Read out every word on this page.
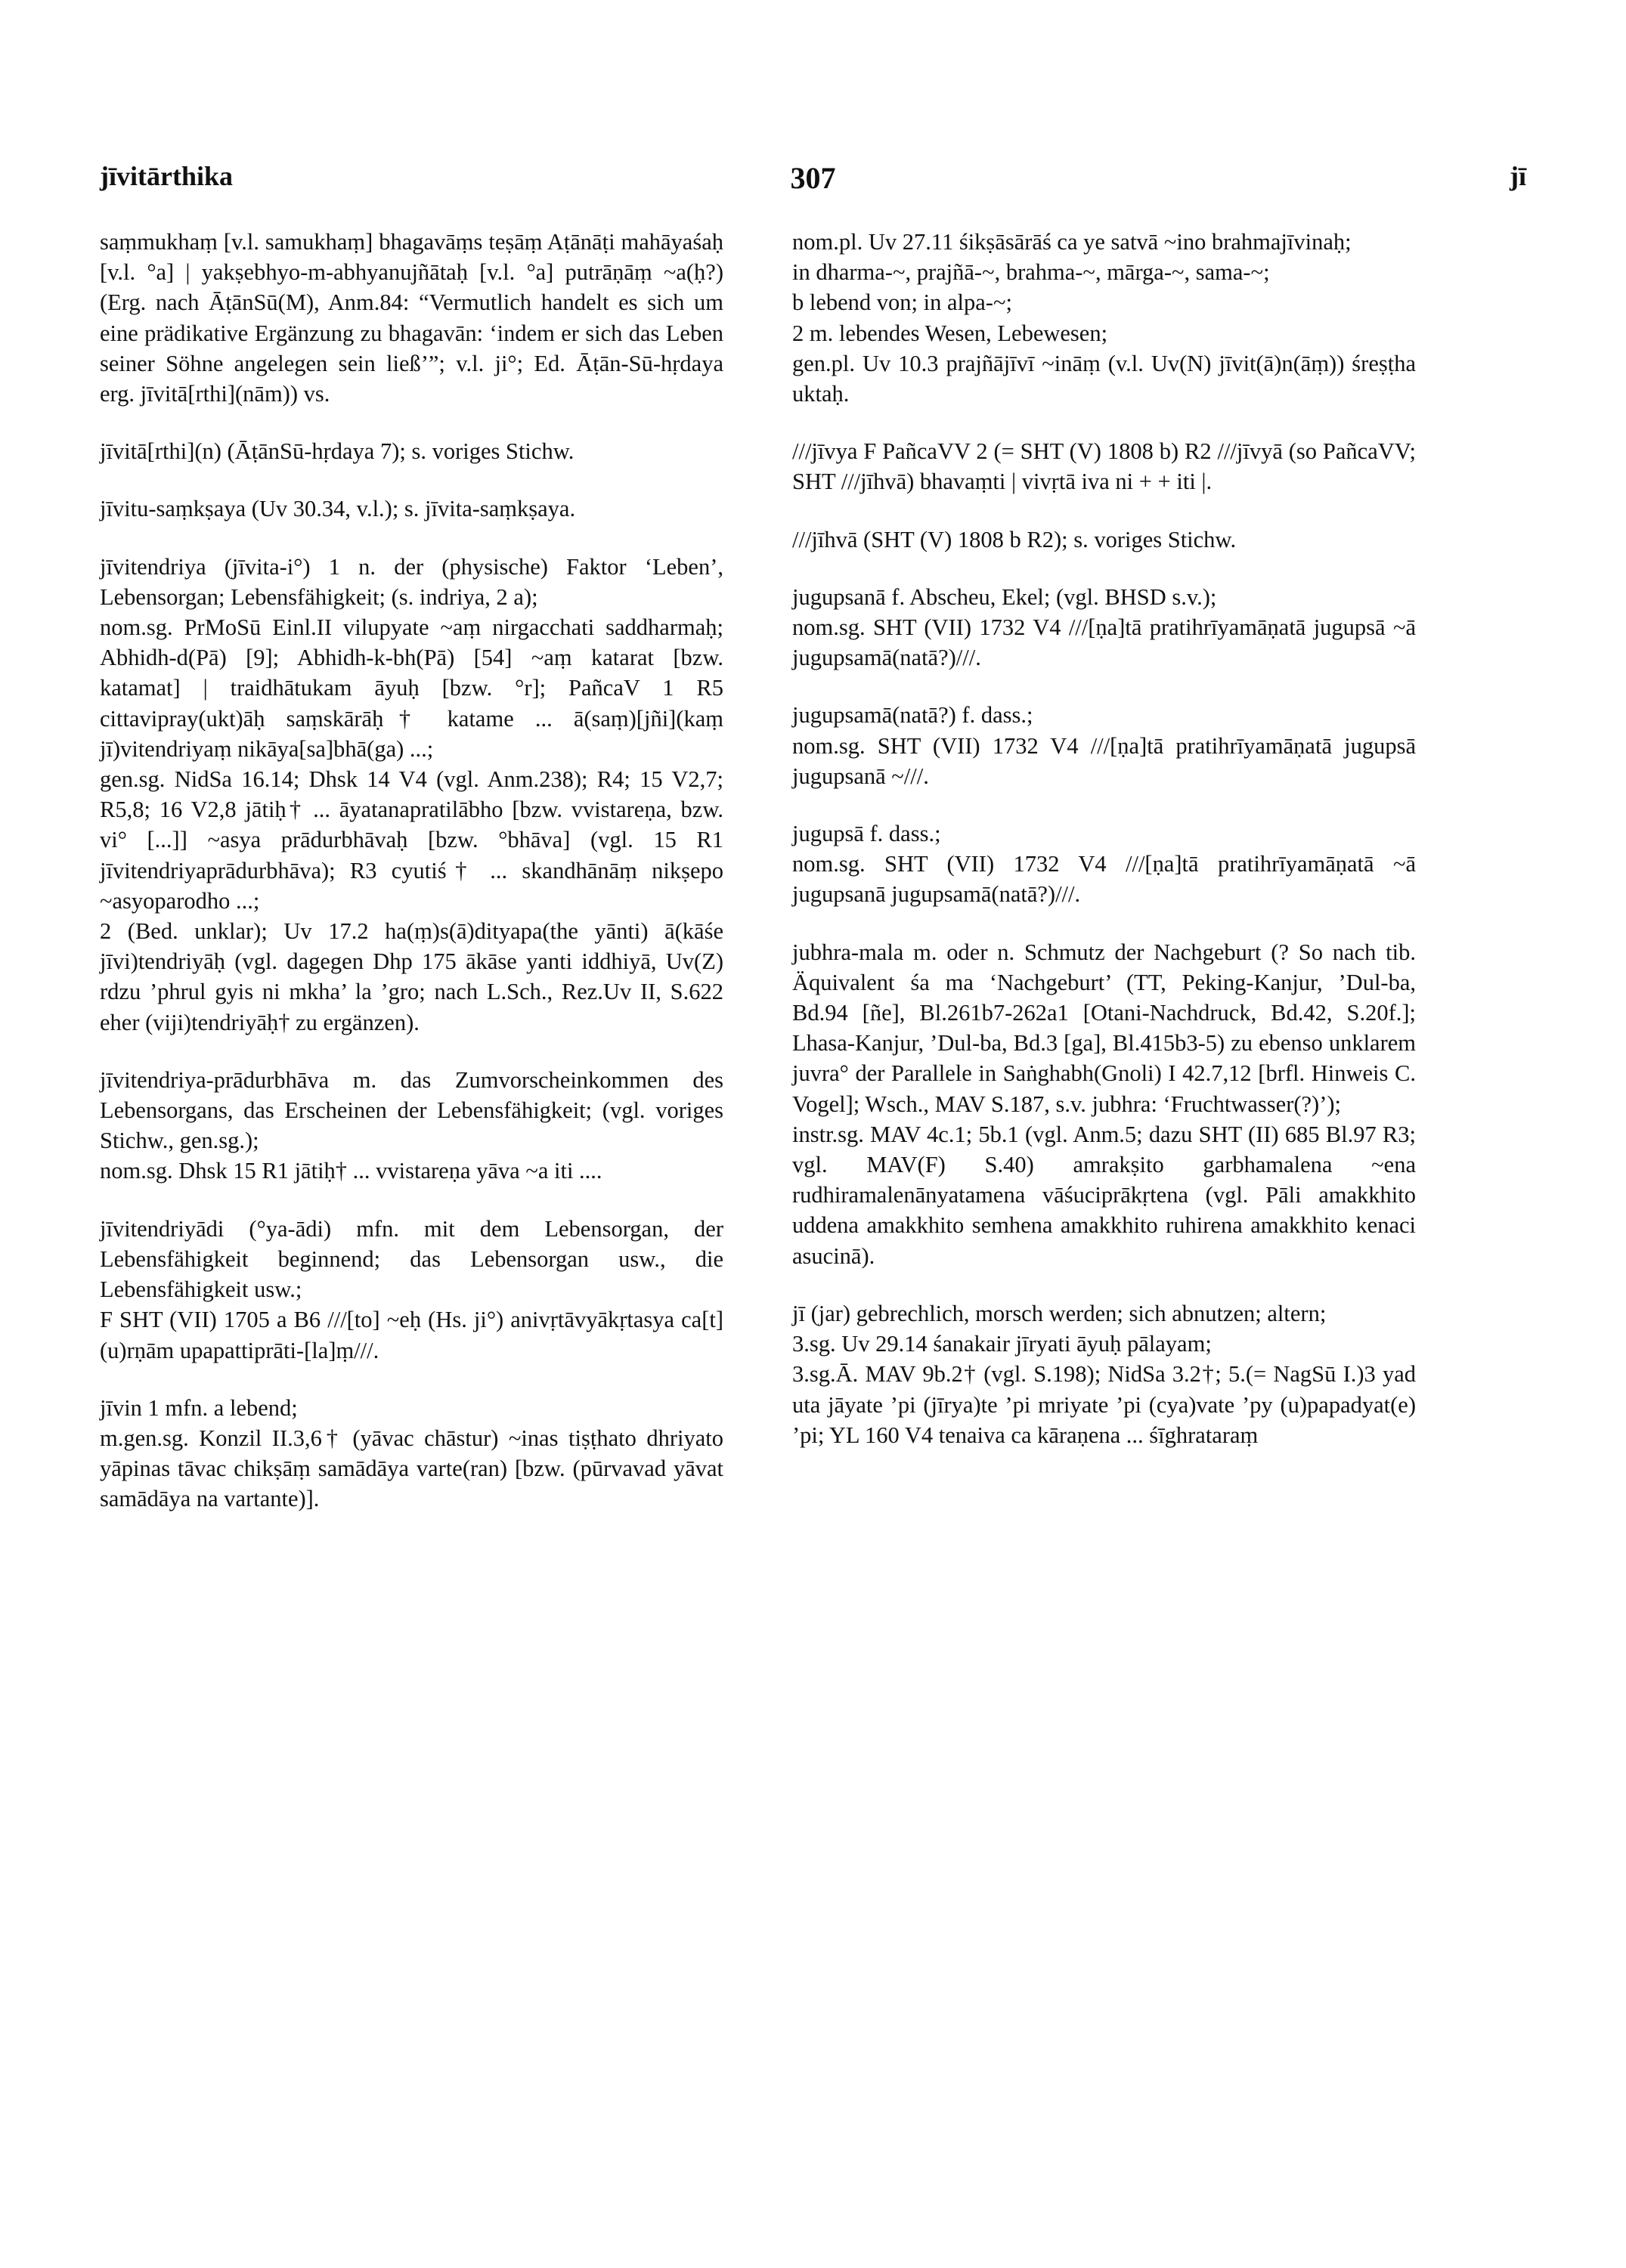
jīvitārthika	307	jī

saṃmukhaṃ [v.l. samukhaṃ] bhagavāṃs teṣāṃ Aṭānāṭi mahāyaśaḥ [v.l. °a] | yakṣebhyo-m-abhyanujñātaḥ [v.l. °a] putrāṇāṃ ~a(ḥ?) (Erg. nach ĀṭānSū(M), Anm.84: “Vermutlich handelt es sich um eine prädikative Ergänzung zu bhagavān: ‘indem er sich das Leben seiner Söhne angelegen sein ließ’”; v.l. ji°; Ed. Āṭān-Sū-hṛdaya erg. jīvitā[rthi](nām)) vs.

jīvitā[rthi](n) (ĀṭānSū-hṛdaya 7); s. voriges Stichw.

jīvitu-saṃkṣaya (Uv 30.34, v.l.); s. jīvita-saṃkṣaya.

jīvitendriya (jīvita-i°) 1 n. der (physische) Faktor ‘Leben’, Lebensorgan; Lebensfähigkeit; (s. indriya, 2 a);

nom.sg. PrMoSū Einl.II vilupyate ~aṃ nirgacchati saddharmaḥ; Abhidh-d(Pā) [9]; Abhidh-k-bh(Pā) [54] ~aṃ katarat [bzw. katamat] | traidhātukam āyuḥ [bzw. °r]; PañcaV 1 R5 cittavipray(ukt)āḥ saṃskārāḥ† katame ... ā(saṃ)[jñi](kaṃ jī)vitendriyaṃ nikāya[sa]bhā(ga) ...;

gen.sg. NidSa 16.14; Dhsk 14 V4 (vgl. Anm.238); R4; 15 V2,7; R5,8; 16 V2,8 jātiḥ† ... āyatanapratilābho [bzw. vvistareṇa, bzw. vi° [...]] ~asya prādurbhāvaḥ [bzw. °bhāva] (vgl. 15 R1 jīvitendriyaprādurbhāva); R3 cyutiś† ... skandhānāṃ nikṣepo ~asyoparodho ...;

2 (Bed. unklar); Uv 17.2 ha(ṃ)s(ā)dityapa(the yānti) ā(kāśe jīvi)tendriyāḥ (vgl. dagegen Dhp 175 ākāse yanti iddhiyā, Uv(Z) rdzu ’phrul gyis ni mkha’ la ’gro; nach L.Sch., Rez.Uv II, S.622 eher (viji)tendriyāḥ† zu ergänzen).

jīvitendriya-prādurbhāva m. das Zumvorscheinkommen des Lebensorgans, das Erscheinen der Lebensfähigkeit; (vgl. voriges Stichw., gen.sg.);

nom.sg. Dhsk 15 R1 jātiḥ† ... vvistareṇa yāva ~a iti ....

jīvitendriyādi (°ya-ādi) mfn. mit dem Lebensorgan, der Lebensfähigkeit beginnend; das Lebensorgan usw., die Lebensfähigkeit usw.;

F SHT (VII) 1705 a B6 ///[to] ~eḥ (Hs. ji°) anivṛtāvyākṛtasya ca[t](u)rṇām upapattiprāti-[la]ṃ///.

jīvin 1 mfn. a lebend;

m.gen.sg. Konzil II.3,6† (yāvac chāstur) ~inas tiṣṭhato dhriyato yāpinas tāvac chikṣāṃ samādāya varte(ran) [bzw. (pūrvavad yāvat samādāya na vartante)].

nom.pl. Uv 27.11 śikṣāsārāś ca ye satvā ~ino brahmajīvinaḥ;

in dharma-~, prajñā-~, brahma-~, mārga-~, sama-~;

b lebend von; in alpa-~;

2 m. lebendes Wesen, Lebewesen;

gen.pl. Uv 10.3 prajñājīvī ~ināṃ (v.l. Uv(N) jīvit(ā)n(āṃ)) śreṣṭha uktaḥ.

///jīvya F PañcaVV 2 (= SHT (V) 1808 b) R2 ///jīvyā (so PañcaVV; SHT ///jīhvā) bhavaṃti | vivṛtā iva ni + + iti |.

///jīhvā (SHT (V) 1808 b R2); s. voriges Stichw.

jugupsanā f. Abscheu, Ekel; (vgl. BHSD s.v.);

nom.sg. SHT (VII) 1732 V4 ///[ṇa]tā pratihrīyamāṇatā jugupsā ~ā jugupsamā(natā?)///.

jugupsamā(natā?) f. dass.;

nom.sg. SHT (VII) 1732 V4 ///[ṇa]tā pratihrīyamāṇatā jugupsā jugupsanā ~///.

jugupsā f. dass.;

nom.sg. SHT (VII) 1732 V4 ///[ṇa]tā pratihrīyamāṇatā ~ā jugupsanā jugupsamā(natā?)///.

jubhra-mala m. oder n. Schmutz der Nachgeburt (? So nach tib. Äquivalent śa ma ‘Nachgeburt’ (TT, Peking-Kanjur, ’Dul-ba, Bd.94 [ñe], Bl.261b7-262a1 [Otani-Nachdruck, Bd.42, S.20f.]; Lhasa-Kanjur, ’Dul-ba, Bd.3 [ga], Bl.415b3-5) zu ebenso unklarem juvra° der Parallele in Saṅghabh(Gnoli) I 42.7,12 [brfl. Hinweis C. Vogel]; Wsch., MAV S.187, s.v. jubhra: ‘Fruchtwasser(?)’);

instr.sg. MAV 4c.1; 5b.1 (vgl. Anm.5; dazu SHT (II) 685 Bl.97 R3; vgl. MAV(F) S.40) amrakṣito garbhamalena ~ena rudhiramalenānyatamena vāśuciprākṛtena (vgl. Pāli amakkhito uddena amakkhito semhena amakkhito ruhirena amakkhito kenaci asucinā).

jī (jar) gebrechlich, morsch werden; sich abnutzen; altern;

3.sg. Uv 29.14 śanakair jīryati āyuḥ pālayam;

3.sg.Ā. MAV 9b.2† (vgl. S.198); NidSa 3.2†; 5.(= NagSū I.)3 yad uta jāyate ’pi (jīrya)te ’pi mriyate ’pi (cya)vate ’py (u)papadyat(e) ’pi; YL 160 V4 tenaiva ca kāraṇena ... śīghrataraṃ
